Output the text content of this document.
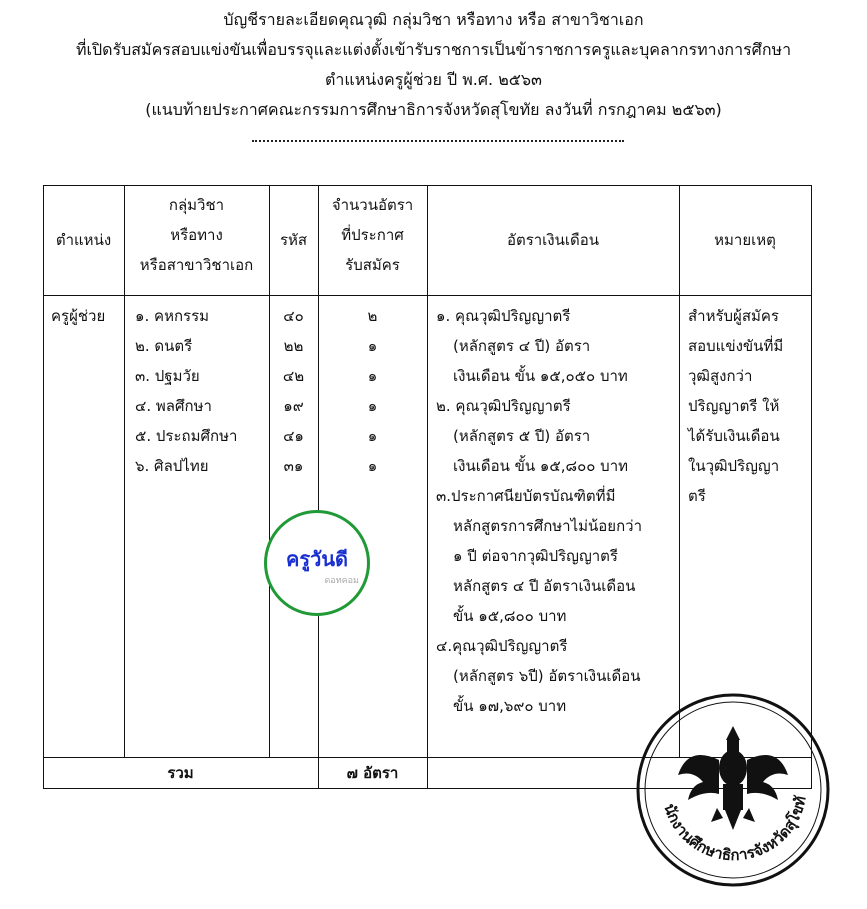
บัญชีรายละเอียดคุณวุฒิ กลุ่มวิชา หรือทาง หรือ สาขาวิชาเอก
ที่เปิดรับสมัครสอบแข่งขันเพื่อบรรจุและแต่งตั้งเข้ารับราชการเป็นข้าราชการครูและบุคลากรทางการศึกษา
ตำแหน่งครูผู้ช่วย ปี พ.ศ. ๒๕๖๓
(แนบท้ายประกาศคณะกรรมการศึกษาธิการจังหวัดสุโขทัย ลงวันที่ กรกฎาคม ๒๕๖๓)
ตำแหน่ง
กลุ่มวิชา
หรือทาง
หรือสาขาวิชาเอก
รหัส
จำนวนอัตรา
ที่ประกาศ
รับสมัคร
อัตราเงินเดือน	หมายเหตุ
ครูผู้ช่วย ๑. คหกรรม
๒. ดนตรี
๓. ปฐมวัย
๔. พลศึกษา
๕. ประถมศึกษา
๖. ศิลปไทย
๔๐
๒๒
๔๒
๑๙
๔๑
๓๑
๒
๑
๑
๑
๑
๑
๑. คุณวุฒิปริญญาตรี
(หลักสูตร ๔ ปี) อัตรา
เงินเดือน ขั้น ๑๕,๐๕๐ บาท
๒. คุณวุฒิปริญญาตรี
(หลักสูตร ๕ ปี) อัตรา
เงินเดือน ขั้น ๑๕,๘๐๐ บาท
๓.ประกาศนียบัตรบัณฑิตที่มี
หลักสูตรการศึกษาไม่น้อยกว่า
๑ ปี ต่อจากวุฒิปริญญาตรี
หลักสูตร ๔ ปี อัตราเงินเดือน
ขั้น ๑๕,๘๐๐ บาท
๔.คุณวุฒิปริญญาตรี
(หลักสูตร ๖ปี) อัตราเงินเดือน
ขั้น ๑๗,๖๙๐ บาท
สำหรับผู้สมัคร
สอบแข่งขันที่มี
วุฒิสูงกว่า
ปริญญาตรี ให้
ได้รับเงินเดือน
ในวุฒิปริญญา
ตรี
รวม	๗ อัตรา
ครูวันดี
ดอทคอม
นักงานศึกษาธิการจังหวัดสุโขทั
